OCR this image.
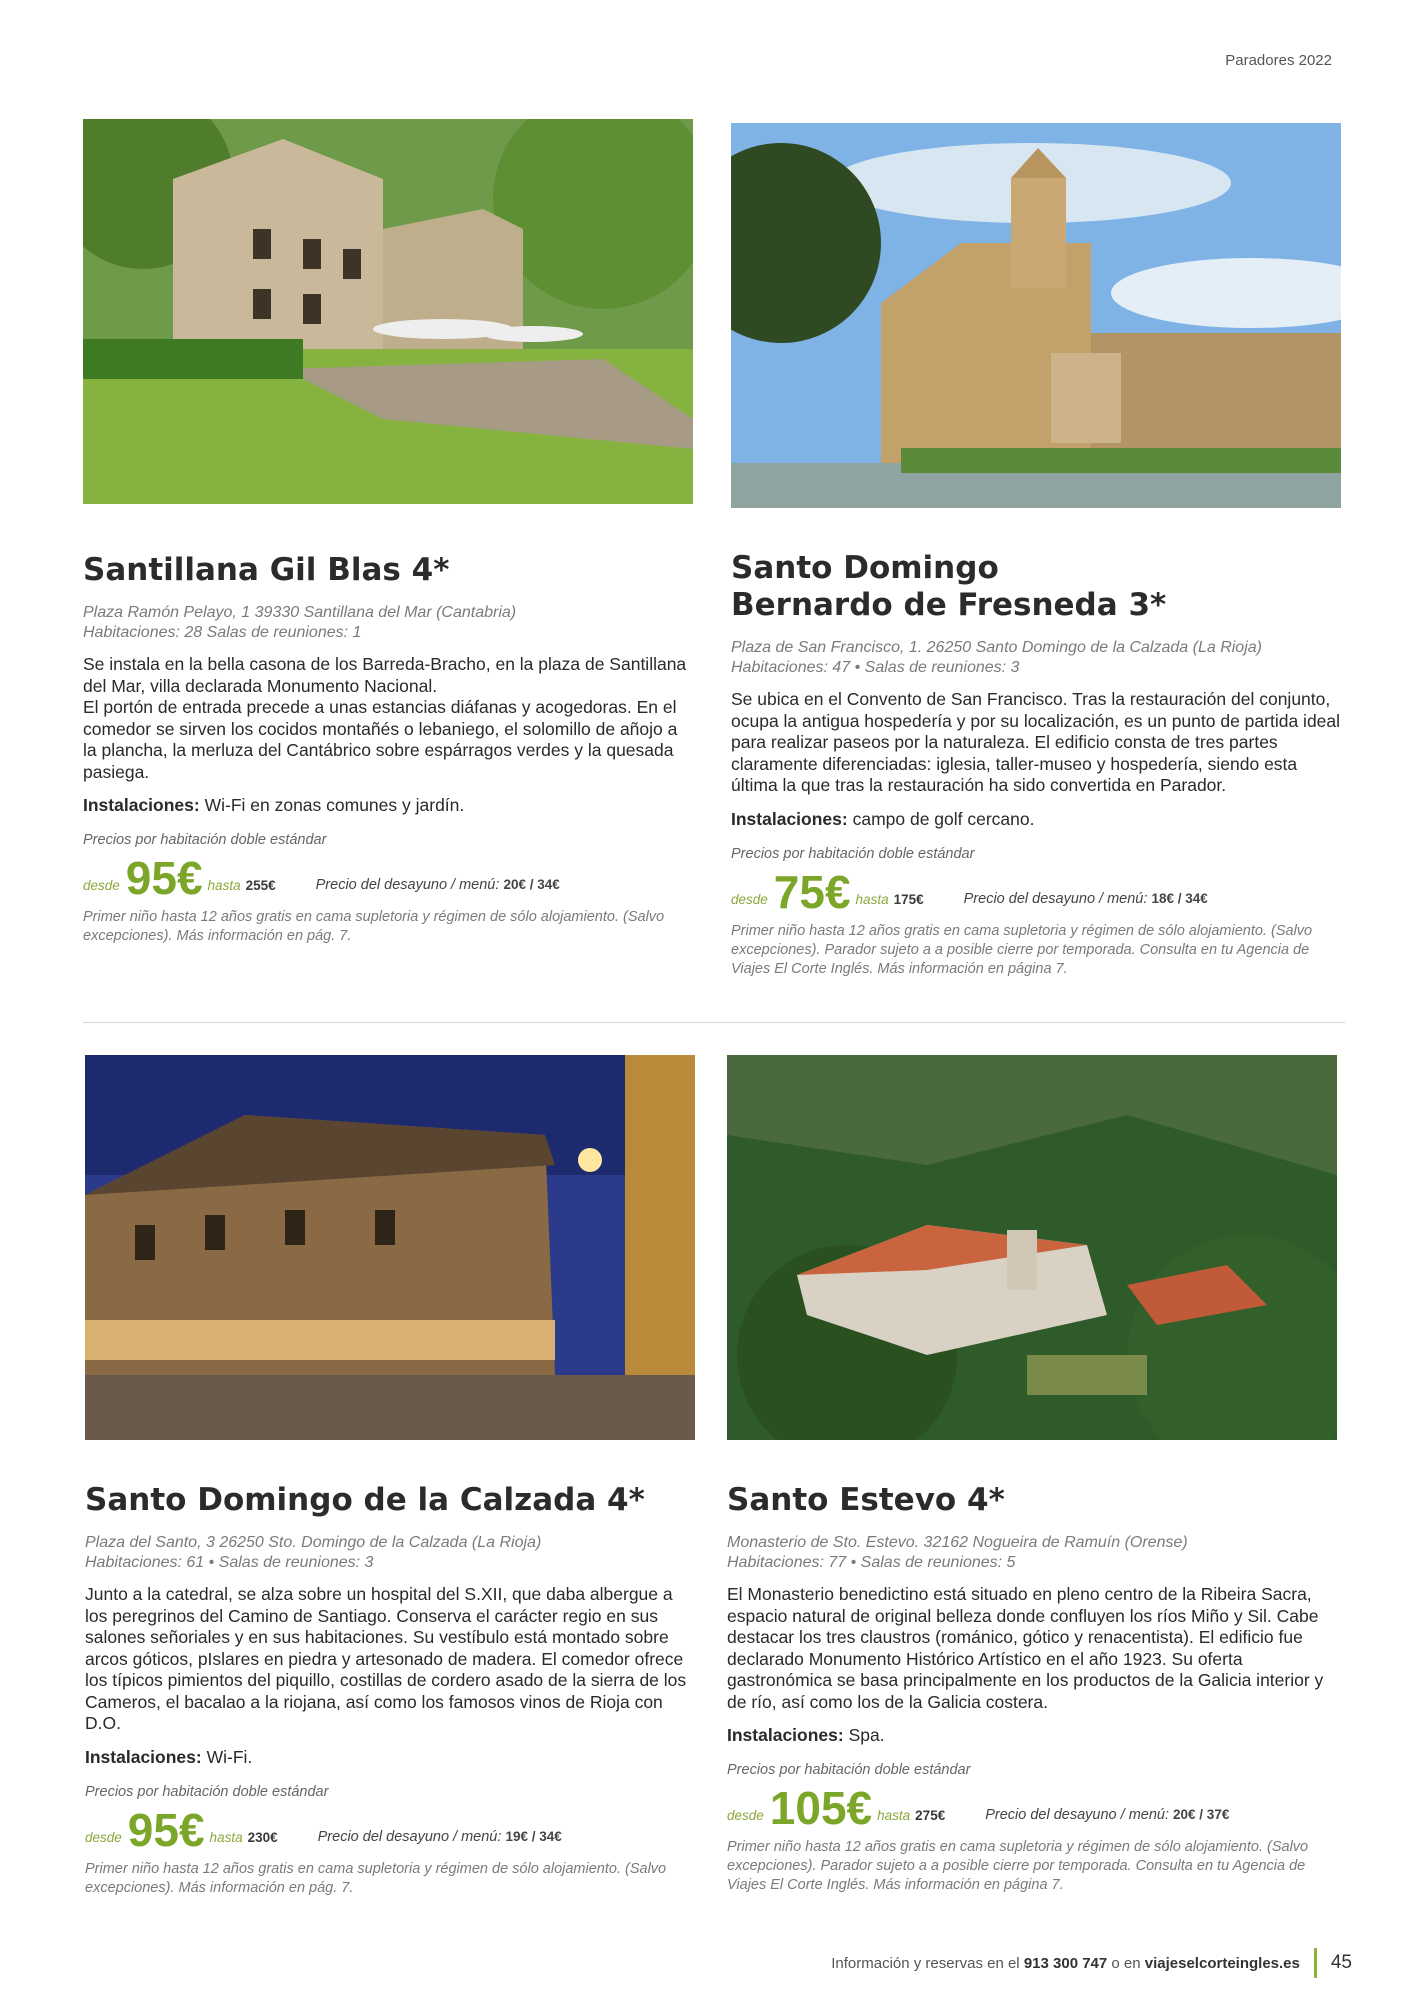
Paradores 2022
Santillana Gil Blas 4*
Plaza Ramón Pelayo, 1 39330 Santillana del Mar (Cantabria)
Habitaciones: 28 Salas de reuniones: 1

Se instala en la bella casona de los Barreda-Bracho, en la plaza de Santillana del Mar, villa declarada Monumento Nacional.

El portón de entrada precede a unas estancias diáfanas y acogedoras. En el comedor se sirven los cocidos montañés o lebaniego, el solomillo de añojo a la plancha, la merluza del Cantábrico sobre espárragos verdes y la quesada pasiega.

Instalaciones: Wi-Fi en zonas comunes y jardín.
Precios por habitación doble estándar
desde 95€ hasta 255€	Precio del desayuno / menú: 20€ / 34€
Primer niño hasta 12 años gratis en cama supletoria y régimen de sólo alojamiento. (Salvo excepciones). Más información en pág. 7.
Santo Domingo
Bernardo de Fresneda 3*
Plaza de San Francisco, 1. 26250 Santo Domingo de la Calzada (La Rioja)
Habitaciones: 47 • Salas de reuniones: 3

Se ubica en el Convento de San Francisco. Tras la restauración del conjunto, ocupa la antigua hospedería y por su localización, es un punto de partida ideal para realizar paseos por la naturaleza. El edificio consta de tres partes claramente diferenciadas: iglesia, taller-museo y hospedería, siendo esta última la que tras la restauración ha sido convertida en Parador.

Instalaciones: campo de golf cercano.
Precios por habitación doble estándar
desde 75€ hasta 175€	Precio del desayuno / menú: 18€ / 34€
Primer niño hasta 12 años gratis en cama supletoria y régimen de sólo alojamiento. (Salvo excepciones). Parador sujeto a a posible cierre por temporada. Consulta en tu Agencia de Viajes El Corte Inglés. Más información en página 7.
Santo Domingo de la Calzada 4*
Plaza del Santo, 3 26250 Sto. Domingo de la Calzada (La Rioja)
Habitaciones: 61 • Salas de reuniones: 3

Junto a la catedral, se alza sobre un hospital del S.XII, que daba albergue a los peregrinos del Camino de Santiago. Conserva el carácter regio en sus salones señoriales y en sus habitaciones. Su vestíbulo está montado sobre arcos góticos, pIslares en piedra y artesonado de madera. El comedor ofrece los típicos pimientos del piquillo, costillas de cordero asado de la sierra de los Cameros, el bacalao a la riojana, así como los famosos vinos de Rioja con D.O.

Instalaciones: Wi-Fi.
Precios por habitación doble estándar
desde 95€ hasta 230€	Precio del desayuno / menú: 19€ / 34€
Primer niño hasta 12 años gratis en cama supletoria y régimen de sólo alojamiento. (Salvo excepciones). Más información en pág. 7.
Santo Estevo 4*
Monasterio de Sto. Estevo. 32162 Nogueira de Ramuín (Orense)
Habitaciones: 77 • Salas de reuniones: 5

El Monasterio benedictino está situado en pleno centro de la Ribeira Sacra, espacio natural de original belleza donde confluyen los ríos Miño y Sil. Cabe destacar los tres claustros (románico, gótico y renacentista). El edificio fue declarado Monumento Histórico Artístico en el año 1923. Su oferta gastronómica se basa principalmente en los productos de la Galicia interior y de río, así como los de la Galicia costera.

Instalaciones: Spa.
Precios por habitación doble estándar
desde 105€ hasta 275€	Precio del desayuno / menú: 20€ / 37€
Primer niño hasta 12 años gratis en cama supletoria y régimen de sólo alojamiento. (Salvo excepciones). Parador sujeto a a posible cierre por temporada. Consulta en tu Agencia de Viajes El Corte Inglés. Más información en página 7.
Información y reservas en el 913 300 747 o en viajeselcorteingles.es 45
